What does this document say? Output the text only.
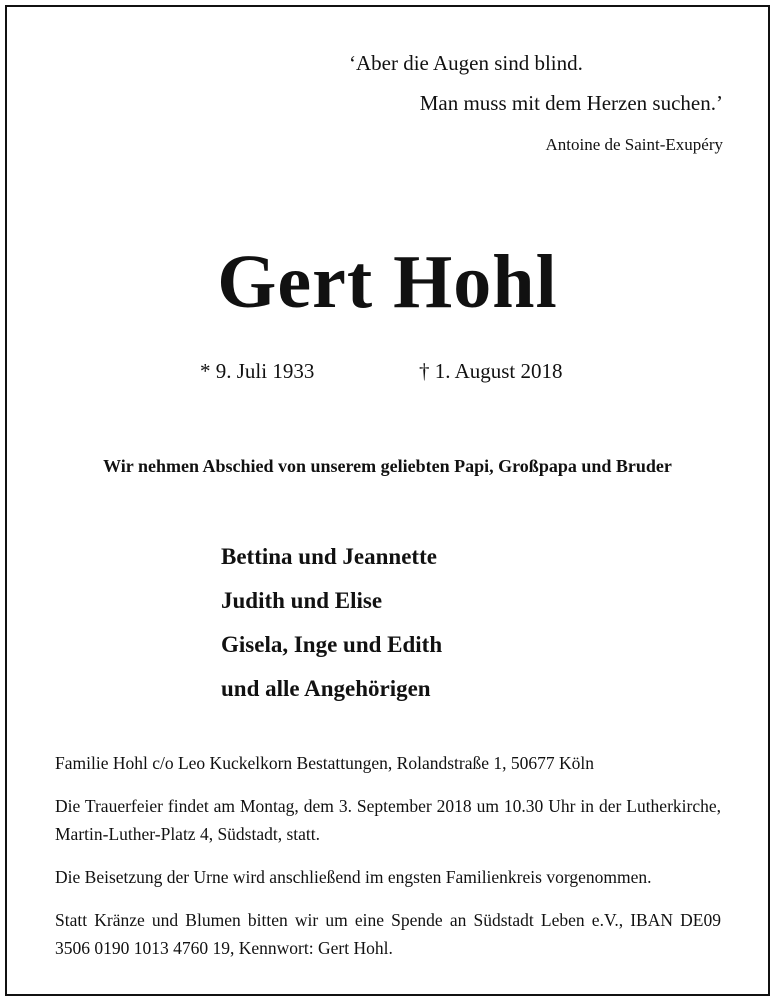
‘Aber die Augen sind blind.
Man muss mit dem Herzen suchen.’
Antoine de Saint-Exupéry
Gert Hohl
* 9. Juli 1933	† 1. August 2018
Wir nehmen Abschied von unserem geliebten Papi, Großpapa und Bruder
Bettina und Jeannette
Judith und Elise
Gisela, Inge und Edith
und alle Angehörigen
Familie Hohl c/o Leo Kuckelkorn Bestattungen, Rolandstraße 1, 50677 Köln
Die Trauerfeier findet am Montag, dem 3. September 2018 um 10.30 Uhr in der Lutherkirche, Martin-Luther-Platz 4, Südstadt, statt.
Die Beisetzung der Urne wird anschließend im engsten Familienkreis vorgenommen.
Statt Kränze und Blumen bitten wir um eine Spende an Südstadt Leben e.V., IBAN DE09 3506 0190 1013 4760 19, Kennwort: Gert Hohl.
